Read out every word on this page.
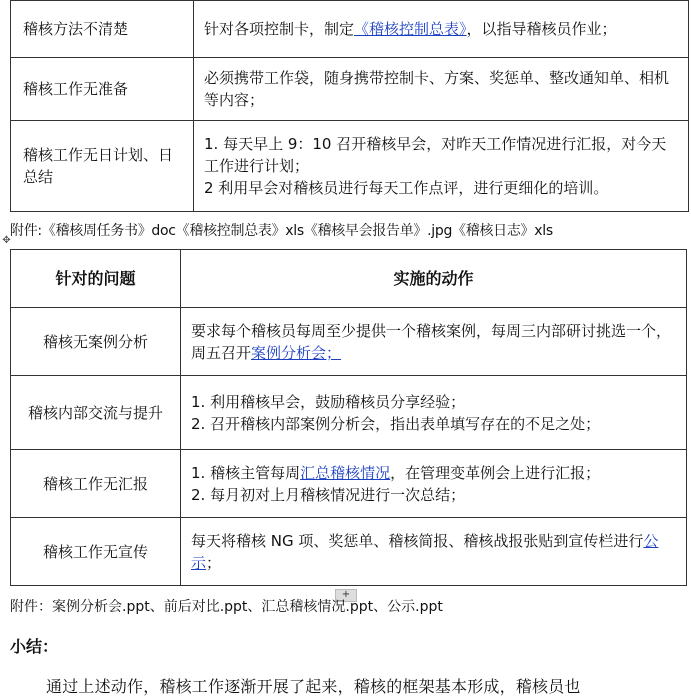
稽核方法不清楚	针对各项控制卡，制定《稽核控制总表》，以指导稽核员作业；
稽核工作无准备	必须携带工作袋，随身携带控制卡、方案、奖惩单、整改通知单、相机等内容；
稽核工作无日计划、日总结	1. 每天早上 9：10 召开稽核早会，对昨天工作情况进行汇报，对今天工作进行计划；
2 利用早会对稽核员进行每天工作点评，进行更细化的培训。
附件:《稽核周任务书》doc《稽核控制总表》xls《稽核早会报告单》.jpg《稽核日志》xls
✥
针对的问题	实施的动作
稽核无案例分析	要求每个稽核员每周至少提供一个稽核案例，每周三内部研讨挑选一个，周五召开案例分析会；
稽核内部交流与提升	1. 利用稽核早会，鼓励稽核员分享经验；
2. 召开稽核内部案例分析会，指出表单填写存在的不足之处；

稽核工作无汇报	1. 稽核主管每周汇总稽核情况，在管理变革例会上进行汇报；
2. 每月初对上月稽核情况进行一次总结；

稽核工作无宣传	每天将稽核 NG 项、奖惩单、稽核简报、稽核战报张贴到宣传栏进行公示；
+
附件：案例分析会.ppt、前后对比.ppt、汇总稽核情况.ppt、公示.ppt
小结：
通过上述动作，稽核工作逐渐开展了起来，稽核的框架基本形成，稽核员也
